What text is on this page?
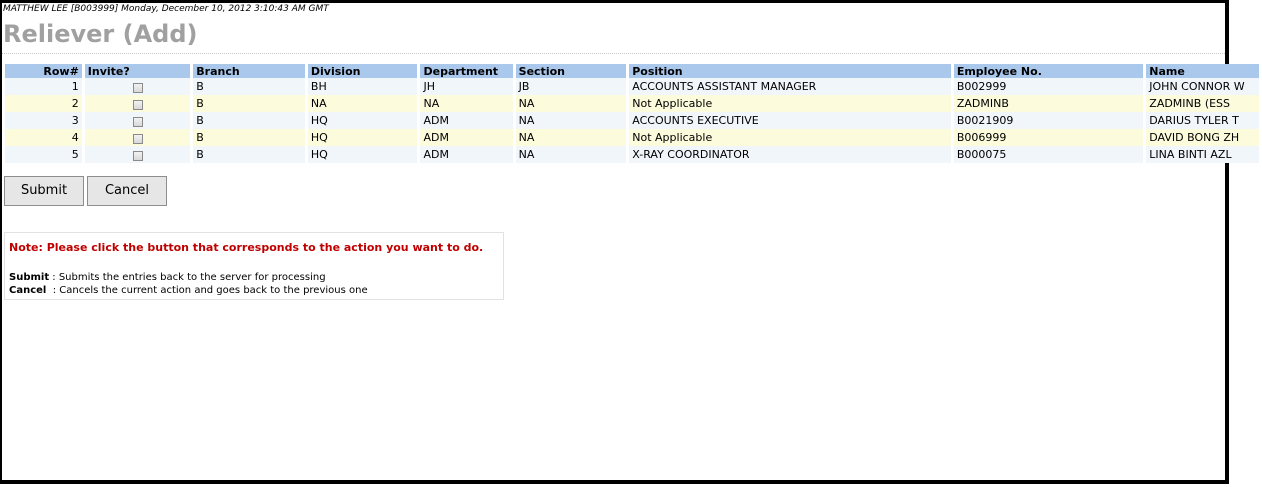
MATTHEW LEE [B003999] Monday, December 10, 2012 3:10:43 AM GMT
Reliever (Add)
Row#	Invite?	Branch	Division	Department	Section	Position	Employee No.	Name
1		B	BH	JH	JB	ACCOUNTS ASSISTANT MANAGER	B002999	JOHN CONNOR W
2		B	NA	NA	NA	Not Applicable	ZADMINB	ZADMINB (ESS
3		B	HQ	ADM	NA	ACCOUNTS EXECUTIVE	B0021909	DARIUS TYLER T
4		B	HQ	ADM	NA	Not Applicable	B006999	DAVID BONG ZH
5		B	HQ	ADM	NA	X-RAY COORDINATOR	B000075	LINA BINTI AZL
Submit	Cancel
Note: Please click the button that corresponds to the action you want to do.
Submit : Submits the entries back to the server for processing
Cancel  : Cancels the current action and goes back to the previous one
